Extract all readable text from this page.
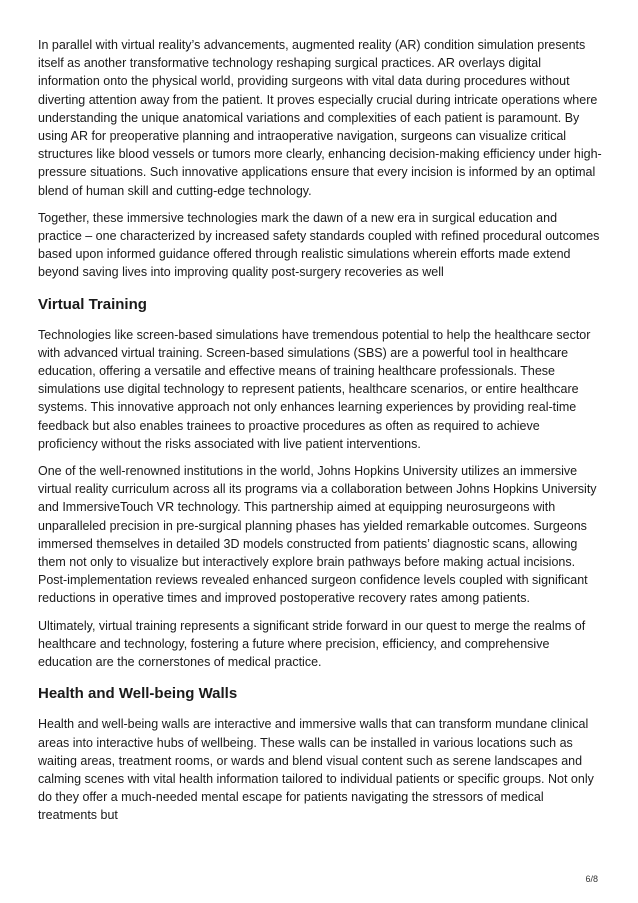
In parallel with virtual reality’s advancements, augmented reality (AR) condition simulation presents itself as another transformative technology reshaping surgical practices. AR overlays digital information onto the physical world, providing surgeons with vital data during procedures without diverting attention away from the patient. It proves especially crucial during intricate operations where understanding the unique anatomical variations and complexities of each patient is paramount. By using AR for preoperative planning and intraoperative navigation, surgeons can visualize critical structures like blood vessels or tumors more clearly, enhancing decision-making efficiency under high-pressure situations. Such innovative applications ensure that every incision is informed by an optimal blend of human skill and cutting-edge technology.

Together, these immersive technologies mark the dawn of a new era in surgical education and practice – one characterized by increased safety standards coupled with refined procedural outcomes based upon informed guidance offered through realistic simulations wherein efforts made extend beyond saving lives into improving quality post-surgery recoveries as well

Virtual Training

Technologies like screen-based simulations have tremendous potential to help the healthcare sector with advanced virtual training. Screen-based simulations (SBS) are a powerful tool in healthcare education, offering a versatile and effective means of training healthcare professionals. These simulations use digital technology to represent patients, healthcare scenarios, or entire healthcare systems. This innovative approach not only enhances learning experiences by providing real-time feedback but also enables trainees to proactive procedures as often as required to achieve proficiency without the risks associated with live patient interventions.

One of the well-renowned institutions in the world, Johns Hopkins University utilizes an immersive virtual reality curriculum across all its programs via a collaboration between Johns Hopkins University and ImmersiveTouch VR technology. This partnership aimed at equipping neurosurgeons with unparalleled precision in pre-surgical planning phases has yielded remarkable outcomes. Surgeons immersed themselves in detailed 3D models constructed from patients’ diagnostic scans, allowing them not only to visualize but interactively explore brain pathways before making actual incisions. Post-implementation reviews revealed enhanced surgeon confidence levels coupled with significant reductions in operative times and improved postoperative recovery rates among patients.

Ultimately, virtual training represents a significant stride forward in our quest to merge the realms of healthcare and technology, fostering a future where precision, efficiency, and comprehensive education are the cornerstones of medical practice.

Health and Well-being Walls

Health and well-being walls are interactive and immersive walls that can transform mundane clinical areas into interactive hubs of wellbeing. These walls can be installed in various locations such as waiting areas, treatment rooms, or wards and blend visual content such as serene landscapes and calming scenes with vital health information tailored to individual patients or specific groups. Not only do they offer a much-needed mental escape for patients navigating the stressors of medical treatments but

6/8
